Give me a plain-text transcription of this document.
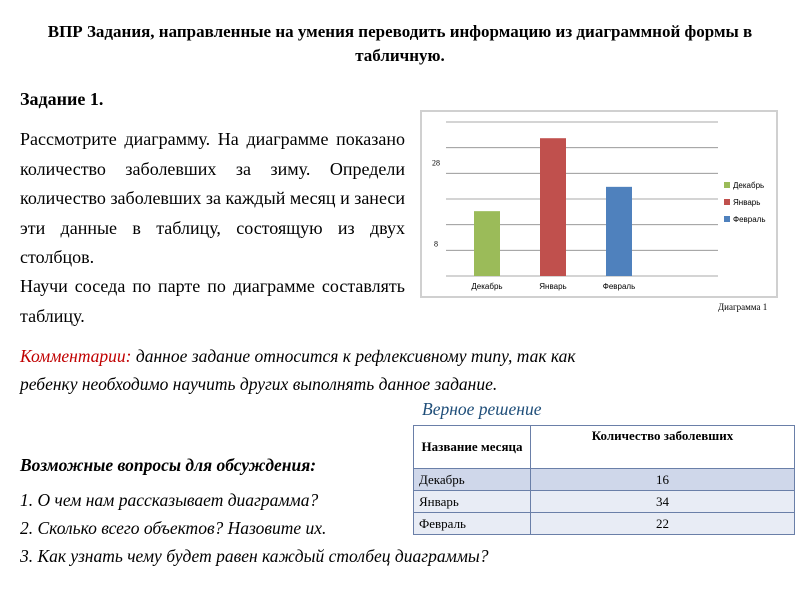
ВПР Задания, направленные на умения переводить информацию из диаграммной формы в табличную.
Задание 1.
Рассмотрите диаграмму. На диаграмме показано количество заболевших за зиму. Определи количество заболевших за каждый месяц и занеси эти данные в таблицу, состоящую из двух столбцов.
Научи соседа по парте по диаграмме составлять таблицу.
Декабрь	Январь	Февраль
8
28
Декабрь
Январь
Февраль
Диаграмма 1
Комментарии: данное задание относится к рефлексивному типу, так как ребенку необходимо научить других выполнять данное задание.
Верное решение
Название месяца	Количество заболевших
Декабрь	16
Январь	34
Февраль	22
Возможные вопросы для обсуждения:
1. О чем нам рассказывает диаграмма?
2. Сколько всего объектов? Назовите их.
3. Как узнать чему будет равен каждый столбец диаграммы?
